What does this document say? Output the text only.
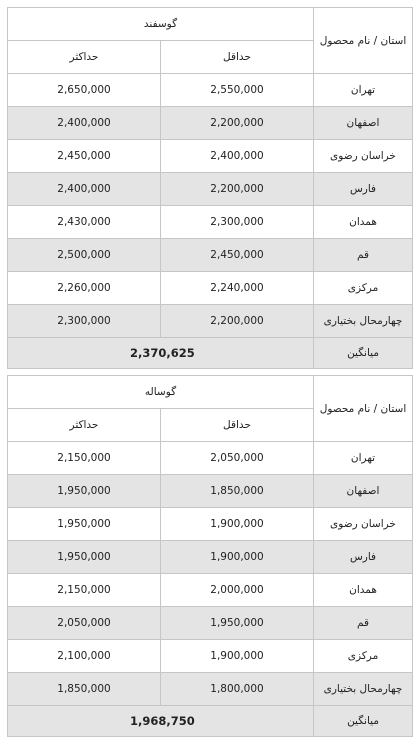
گوسفند		استان / نام محصول
حداکثر	حداقل	
2,650,000	2,550,000	تهران
2,400,000	2,200,000	اصفهان
2,450,000	2,400,000	خراسان رضوی
2,400,000	2,200,000	فارس
2,430,000	2,300,000	همدان
2,500,000	2,450,000	قم
2,260,000	2,240,000	مرکزی
2,300,000	2,200,000	چهارمحال بختیاری
2,370,625		میانگین
گوساله		استان / نام محصول
حداکثر	حداقل	
2,150,000	2,050,000	تهران
1,950,000	1,850,000	اصفهان
1,950,000	1,900,000	خراسان رضوی
1,950,000	1,900,000	فارس
2,150,000	2,000,000	همدان
2,050,000	1,950,000	قم
2,100,000	1,900,000	مرکزی
1,850,000	1,800,000	چهارمحال بختیاری
1,968,750		میانگین
